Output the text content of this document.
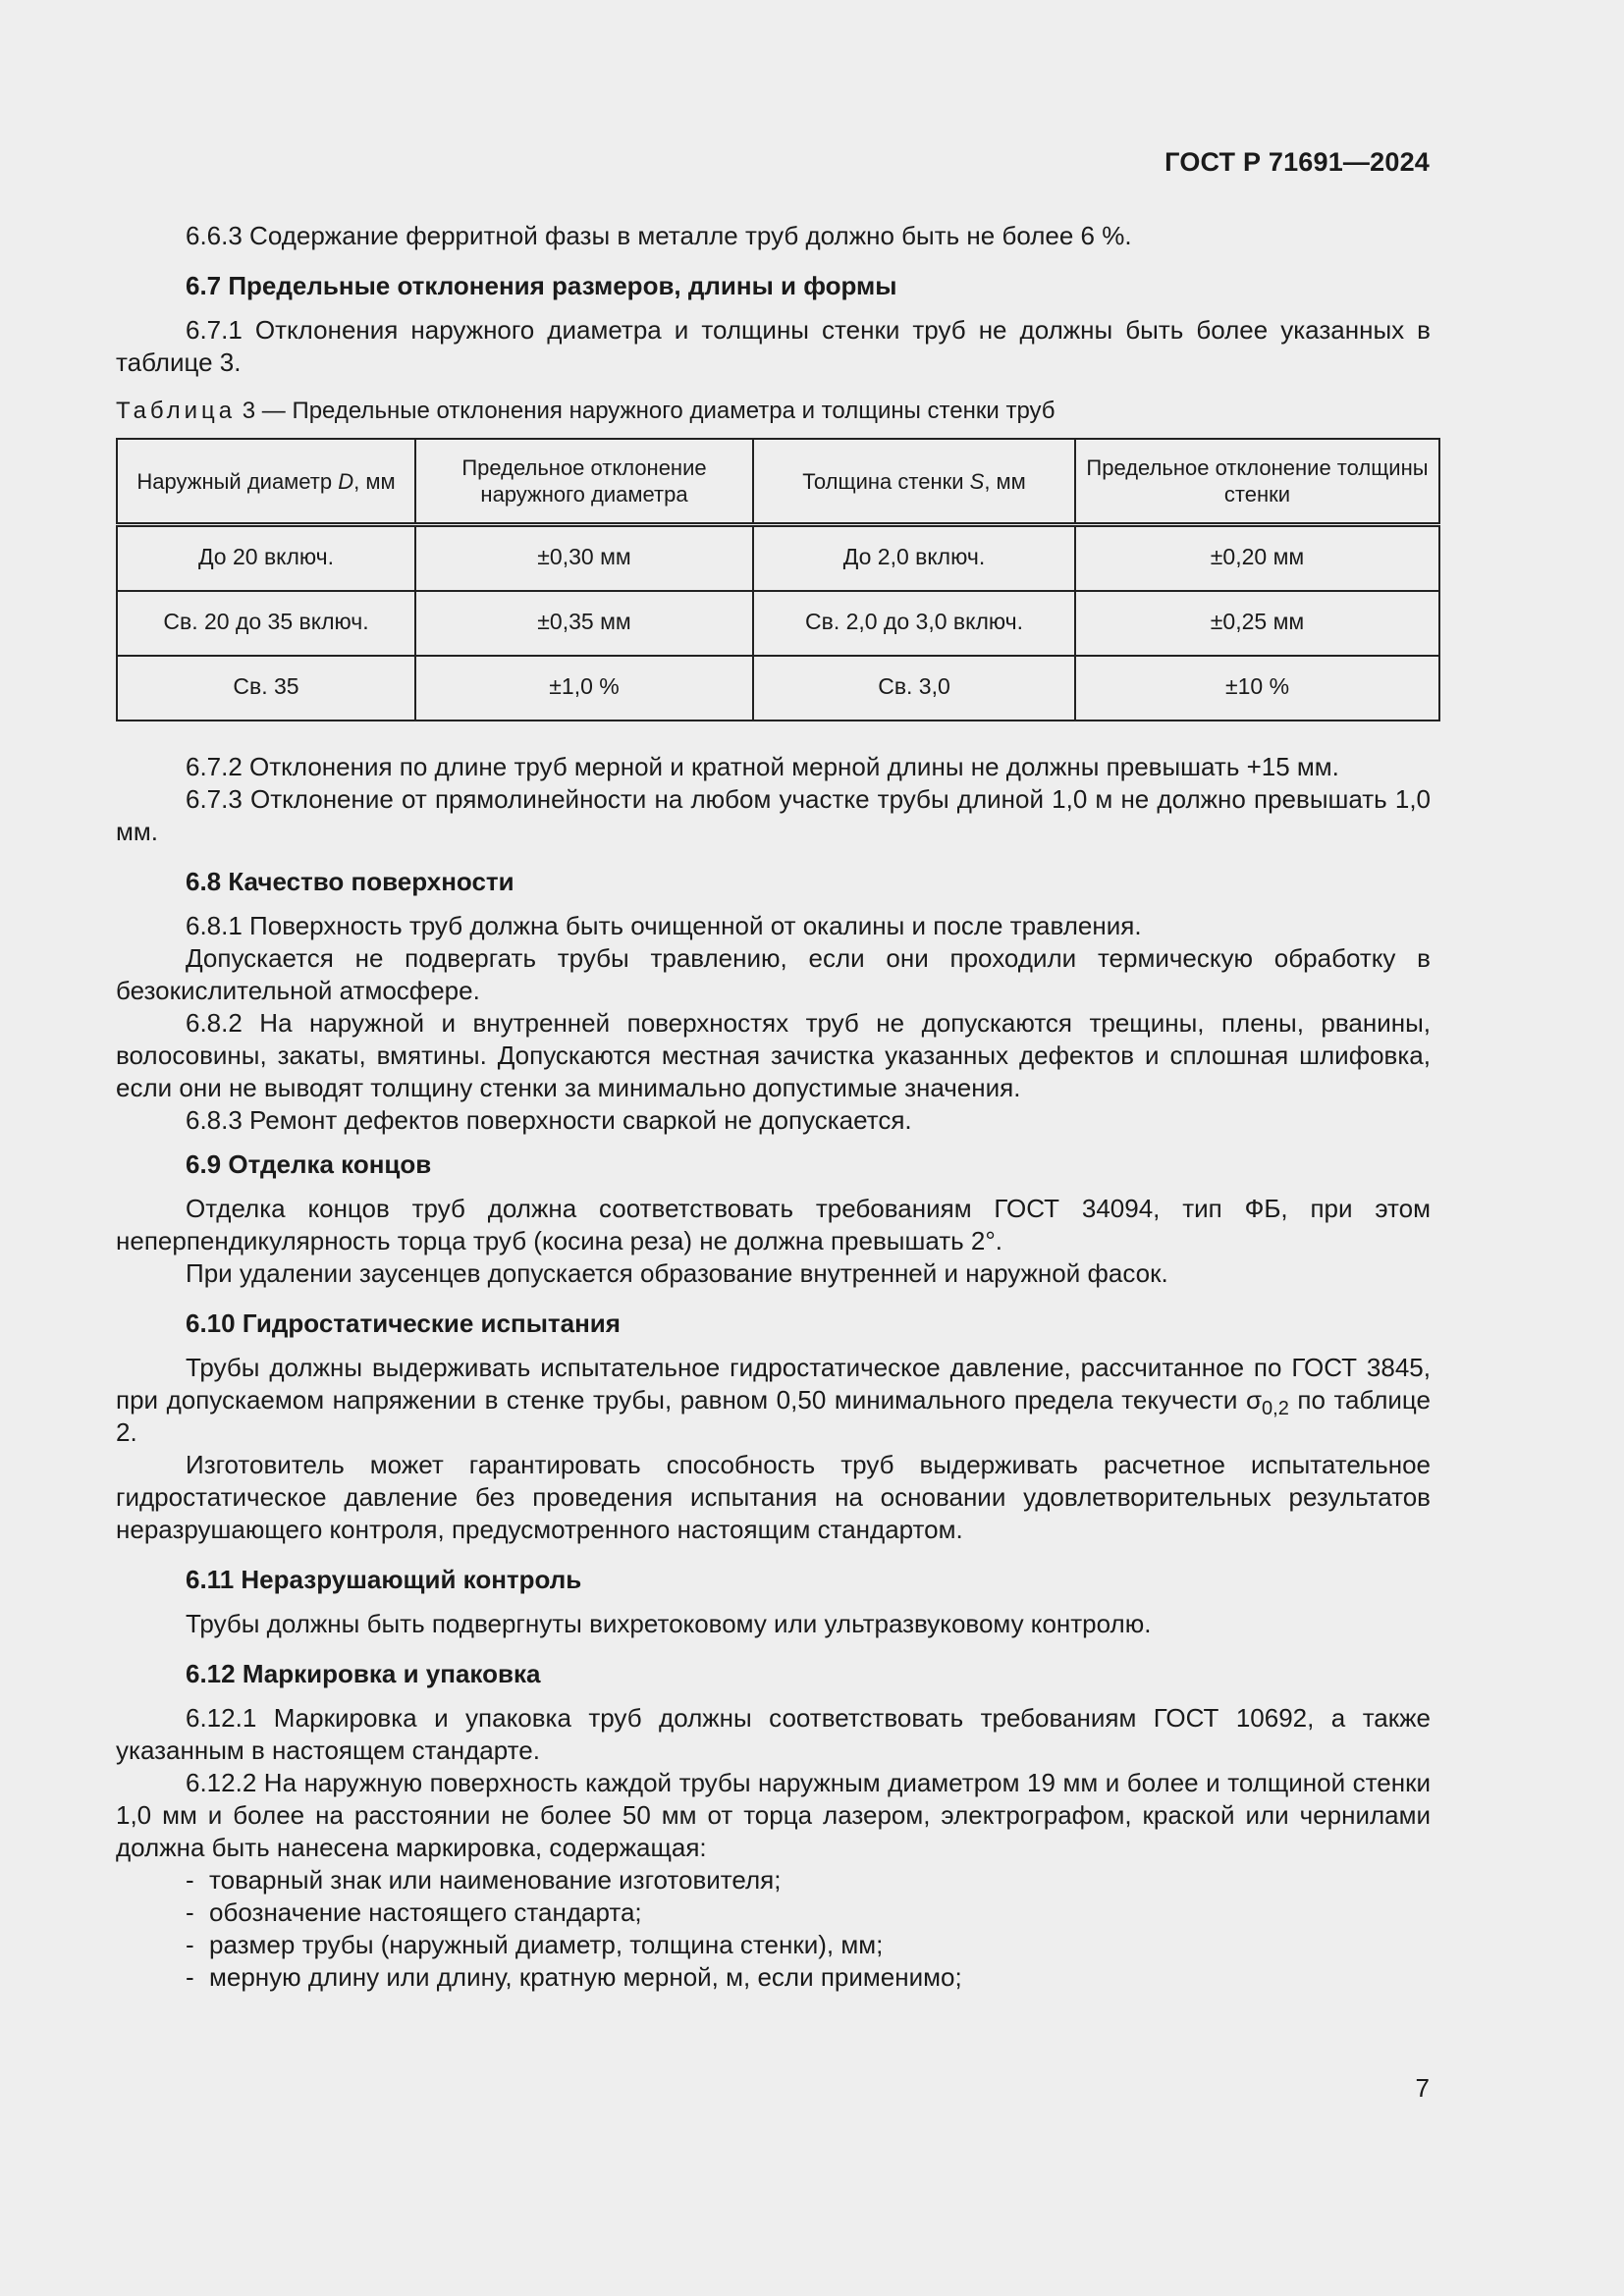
ГОСТ Р 71691—2024

6.6.3 Содержание ферритной фазы в металле труб должно быть не более 6 %.

6.7 Предельные отклонения размеров, длины и формы

6.7.1 Отклонения наружного диаметра и толщины стенки труб не должны быть более указанных в таблице 3.

Таблица 3 — Предельные отклонения наружного диаметра и толщины стенки труб

Наружный диаметр D, мм	Предельное отклонение наружного диаметра	Толщина стенки S, мм	Предельное отклонение толщины стенки
До 20 включ.	±0,30 мм	До 2,0 включ.	±0,20 мм
Св. 20 до 35 включ.	±0,35 мм	Св. 2,0 до 3,0 включ.	±0,25 мм
Св. 35	±1,0 %	Св. 3,0	±10 %

6.7.2 Отклонения по длине труб мерной и кратной мерной длины не должны превышать +15 мм.

6.7.3 Отклонение от прямолинейности на любом участке трубы длиной 1,0 м не должно превышать 1,0 мм.

6.8 Качество поверхности

6.8.1 Поверхность труб должна быть очищенной от окалины и после травления.

Допускается не подвергать трубы травлению, если они проходили термическую обработку в безокислительной атмосфере.

6.8.2 На наружной и внутренней поверхностях труб не допускаются трещины, плены, рванины, волосовины, закаты, вмятины. Допускаются местная зачистка указанных дефектов и сплошная шлифовка, если они не выводят толщину стенки за минимально допустимые значения.

6.8.3 Ремонт дефектов поверхности сваркой не допускается.

6.9 Отделка концов

Отделка концов труб должна соответствовать требованиям ГОСТ 34094, тип ФБ, при этом неперпендикулярность торца труб (косина реза) не должна превышать 2°.

При удалении заусенцев допускается образование внутренней и наружной фасок.

6.10 Гидростатические испытания

Трубы должны выдерживать испытательное гидростатическое давление, рассчитанное по ГОСТ 3845, при допускаемом напряжении в стенке трубы, равном 0,50 минимального предела текучести $\sigma_{0,2}$ по таблице 2.

Изготовитель может гарантировать способность труб выдерживать расчетное испытательное гидростатическое давление без проведения испытания на основании удовлетворительных результатов неразрушающего контроля, предусмотренного настоящим стандартом.

6.11 Неразрушающий контроль

Трубы должны быть подвергнуты вихретоковому или ультразвуковому контролю.

6.12 Маркировка и упаковка

6.12.1 Маркировка и упаковка труб должны соответствовать требованиям ГОСТ 10692, а также указанным в настоящем стандарте.

6.12.2 На наружную поверхность каждой трубы наружным диаметром 19 мм и более и толщиной стенки 1,0 мм и более на расстоянии не более 50 мм от торца лазером, электрографом, краской или чернилами должна быть нанесена маркировка, содержащая:

- товарный знак или наименование изготовителя;

- обозначение настоящего стандарта;

- размер трубы (наружный диаметр, толщина стенки), мм;

- мерную длину или длину, кратную мерной, м, если применимо;

7
